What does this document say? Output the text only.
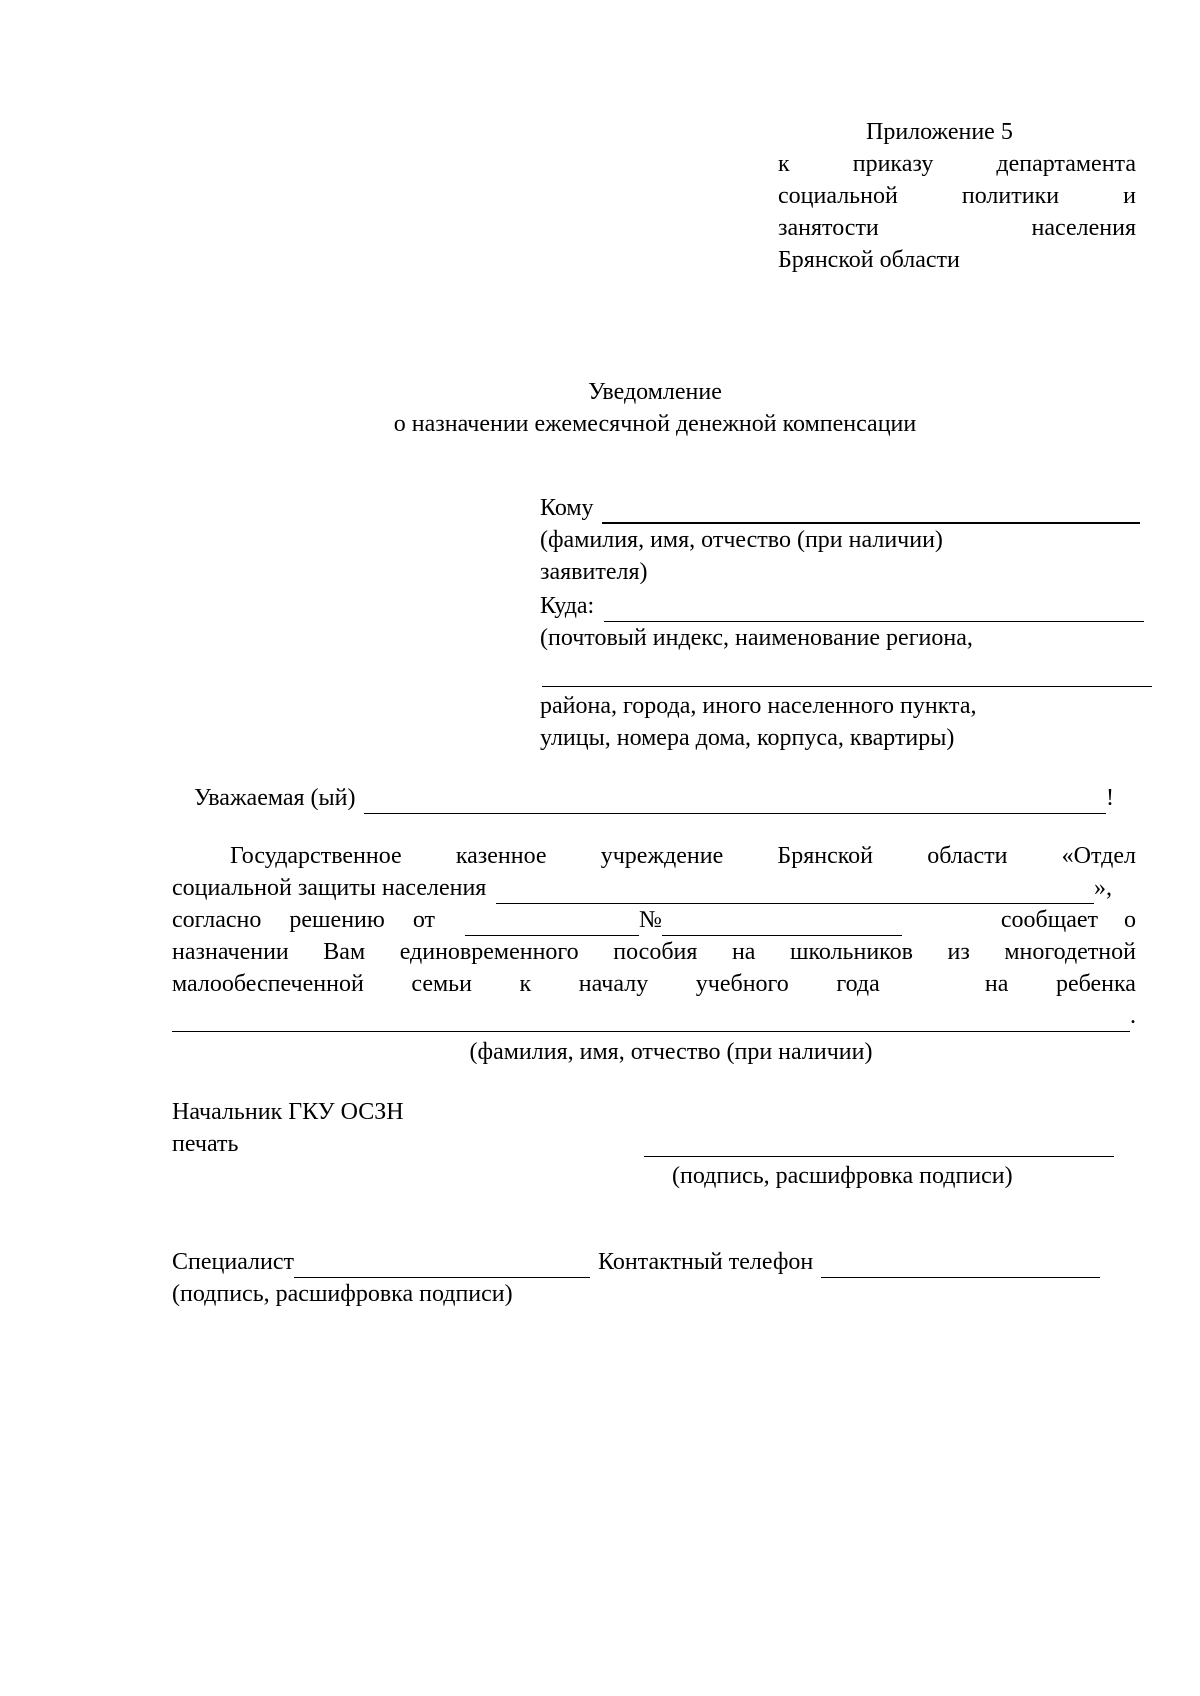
Приложение 5
к	приказу	департамента
социальной	политики	и
занятости	населения
Брянской области
Уведомление
о назначении ежемесячной денежной компенсации
Кому
(фамилия, имя, отчество (при наличии)
заявителя)
Куда:
(почтовый индекс, наименование региона,
района, города, иного населенного пункта,
улицы, номера дома, корпуса, квартиры)
Уважаемая (ый)	!
Государственное казенное учреждение Брянской области «Отдел
социальной защиты населения	»,
согласно решению от	№	сообщает о
назначении Вам единовременного пособия на школьников из многодетной
малообеспеченной семьи к началу учебного года	на ребенка
.
(фамилия, имя, отчество (при наличии)
Начальник ГКУ ОСЗН
печать
(подпись, расшифровка подписи)
Специалист	Контактный телефон
(подпись, расшифровка подписи)
